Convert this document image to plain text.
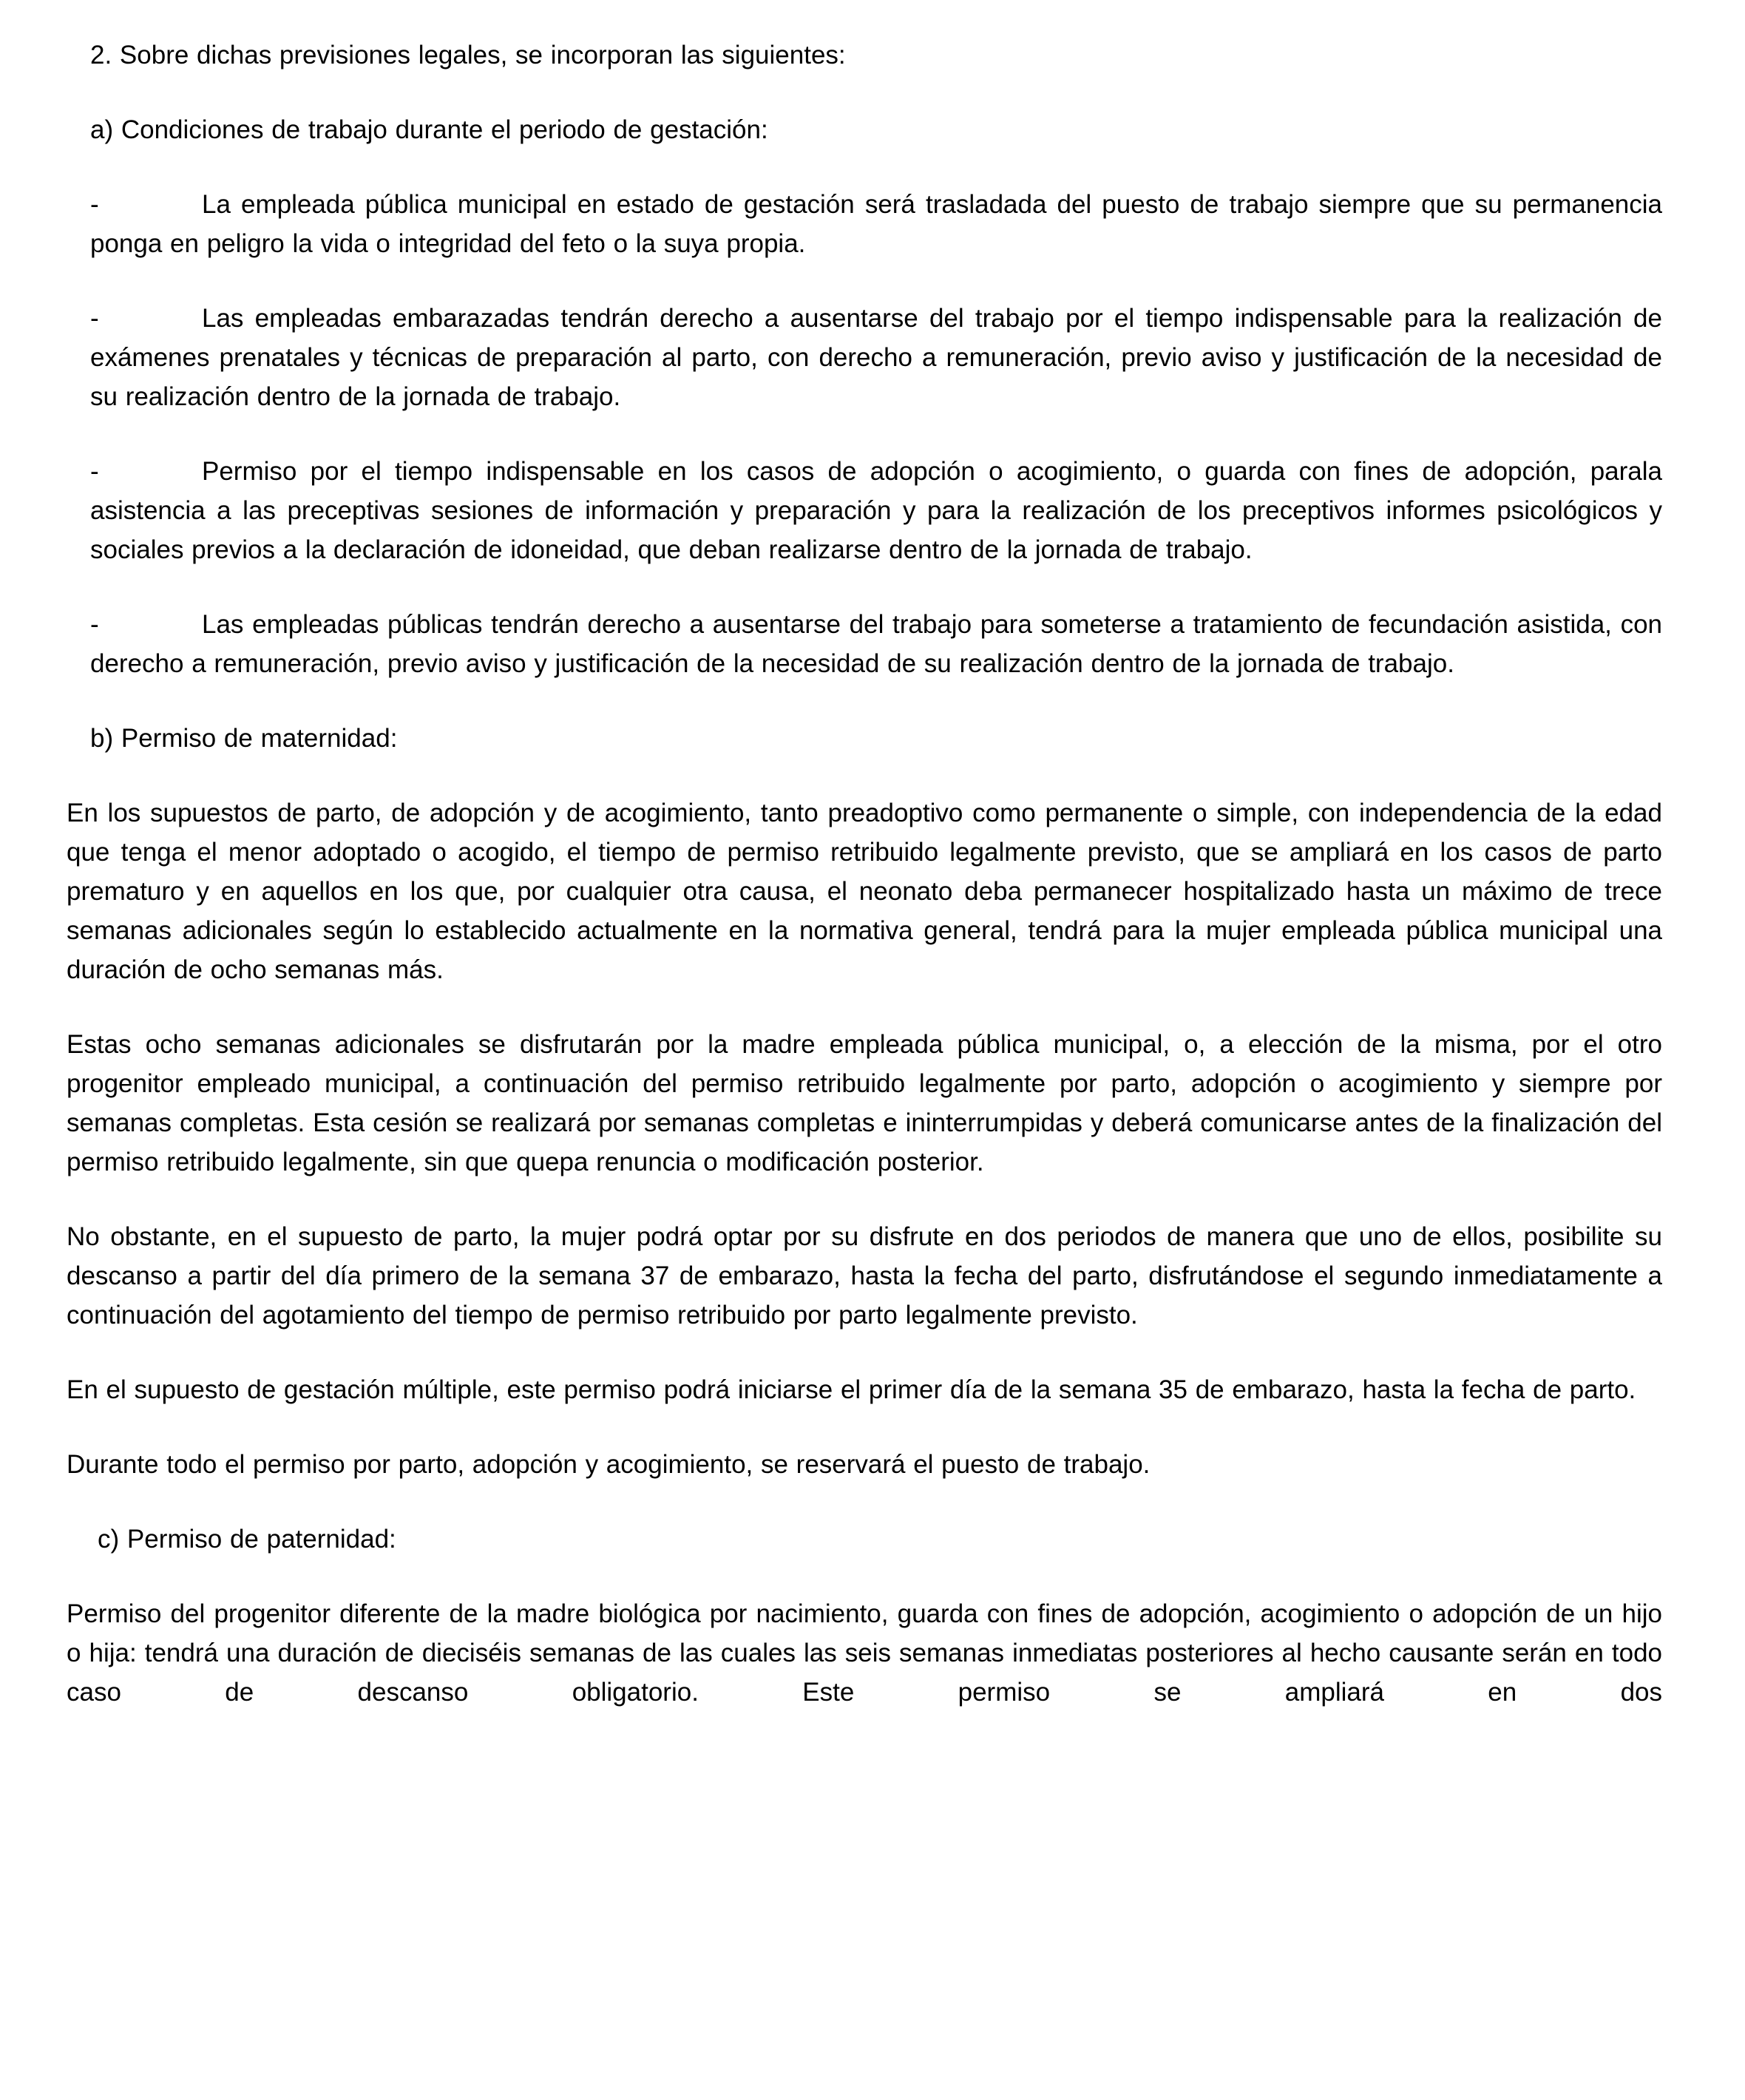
2. Sobre dichas previsiones legales, se incorporan las siguientes:

a) Condiciones de trabajo durante el periodo de gestación:

-	La empleada pública municipal en estado de gestación será trasladada del puesto de trabajo siempre que su permanencia ponga en peligro la vida o integridad del feto o la suya propia.

-	Las empleadas embarazadas tendrán derecho a ausentarse del trabajo por el tiempo indispensable para la realización de exámenes prenatales y técnicas de preparación al parto, con derecho a remuneración, previo aviso y justificación de la necesidad de su realización dentro de la jornada de trabajo.

-	Permiso por el tiempo indispensable en los casos de adopción o acogimiento, o guarda con fines de adopción, parala asistencia a las preceptivas sesiones de información y preparación y para la realización de los preceptivos informes psicológicos y sociales previos a la declaración de idoneidad, que deban realizarse dentro de la jornada de trabajo.

-	Las empleadas públicas tendrán derecho a ausentarse del trabajo para someterse a tratamiento de fecundación asistida, con derecho a remuneración, previo aviso y justificación de la necesidad de su realización dentro de la jornada de trabajo.

b) Permiso de maternidad:

En los supuestos de parto, de adopción y de acogimiento, tanto preadoptivo como permanente o simple, con independencia de la edad que tenga el menor adoptado o acogido, el tiempo de permiso retribuido legalmente previsto, que se ampliará en los casos de parto prematuro y en aquellos en los que, por cualquier otra causa, el neonato deba permanecer hospitalizado hasta un máximo de trece semanas adicionales según lo establecido actualmente en la normativa general, tendrá para la mujer empleada pública municipal una duración de ocho semanas más.

Estas ocho semanas adicionales se disfrutarán por la madre empleada pública municipal, o, a elección de la misma, por el otro progenitor empleado municipal, a continuación del permiso retribuido legalmente por parto, adopción o acogimiento y siempre por semanas completas. Esta cesión se realizará por semanas completas e ininterrumpidas y deberá comunicarse antes de la finalización del permiso retribuido legalmente, sin que quepa renuncia o modificación posterior.

No obstante, en el supuesto de parto, la mujer podrá optar por su disfrute en dos periodos de manera que uno de ellos, posibilite su descanso a partir del día primero de la semana 37 de embarazo, hasta la fecha del parto, disfrutándose el segundo inmediatamente a continuación del agotamiento del tiempo de permiso retribuido por parto legalmente previsto.

En el supuesto de gestación múltiple, este permiso podrá iniciarse el primer día de la semana 35 de embarazo, hasta la fecha de parto.

Durante todo el permiso por parto, adopción y acogimiento, se reservará el puesto de trabajo.

c) Permiso de paternidad:

Permiso del progenitor diferente de la madre biológica por nacimiento, guarda con fines de adopción, acogimiento o adopción de un hijo o hija: tendrá una duración de dieciséis semanas de las cuales las seis semanas inmediatas posteriores al hecho causante serán en todo caso de descanso obligatorio. Este permiso se ampliará en dos
